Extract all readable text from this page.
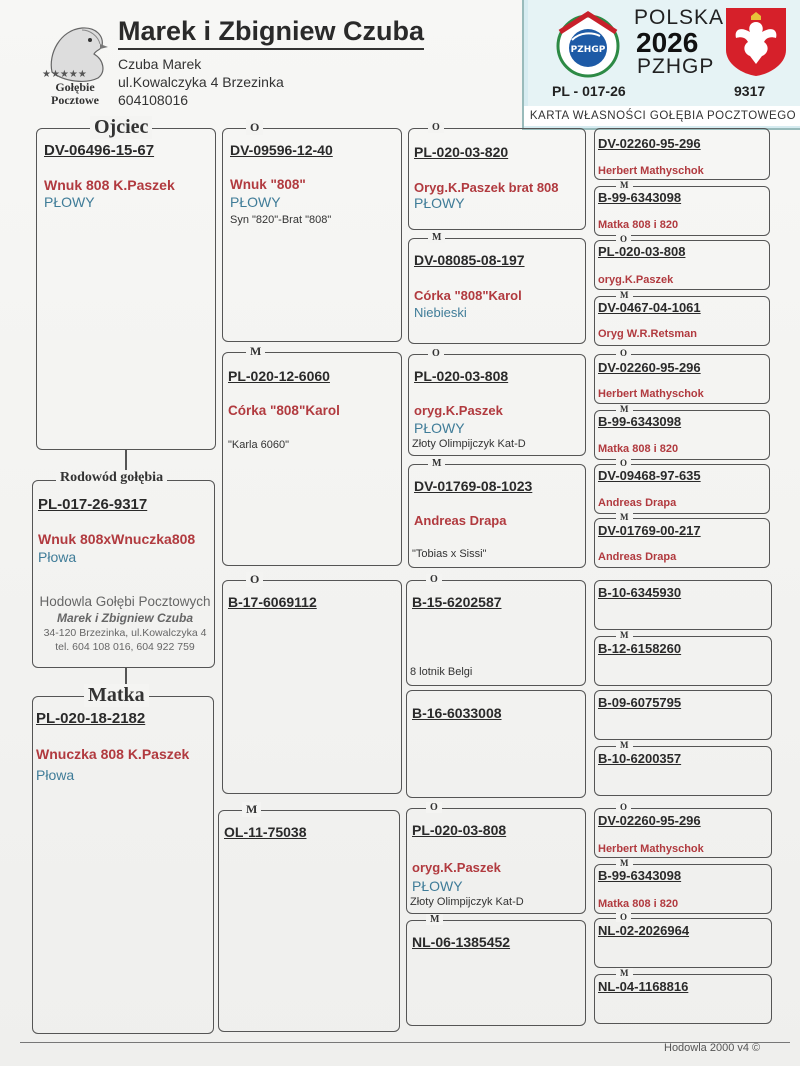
★★★★★
Gołębie
Pocztowe
Marek i Zbigniew Czuba
Czuba Marek
ul.Kowalczyka 4 Brzezinka
604108016
PZHGP
POLSKA
2026
PZHGP
PL - 017-26	9317
KARTA WŁASNOŚCI GOŁĘBIA POCZTOWEGO
Ojciec
DV-06496-15-67
Wnuk 808 K.Paszek
PŁOWY
Rodowód gołębia
PL-017-26-9317
Wnuk 808xWnuczka808
Płowa
Hodowla Gołębi Pocztowych
Marek i Zbigniew Czuba
34-120 Brzezinka, ul.Kowalczyka 4
tel. 604 108 016, 604 922 759
Matka
PL-020-18-2182
Wnuczka 808 K.Paszek
Płowa
O
DV-09596-12-40
Wnuk "808"
PŁOWY
Syn "820"-Brat "808"
M
PL-020-12-6060
Córka "808"Karol
"Karla 6060"
O
B-17-6069112
M
OL-11-75038
O
PL-020-03-820
Oryg.K.Paszek brat 808
PŁOWY
M
DV-08085-08-197
Córka "808"Karol
Niebieski
O
PL-020-03-808
oryg.K.Paszek
PŁOWY
Złoty Olimpijczyk Kat-D
M
DV-01769-08-1023
Andreas Drapa
"Tobias x Sissi"
O
B-15-6202587
8 lotnik Belgi
B-16-6033008
O
PL-020-03-808
oryg.K.Paszek
PŁOWY
Złoty Olimpijczyk Kat-D
M
NL-06-1385452
DV-02260-95-296
Herbert Mathyschok
M
B-99-6343098
Matka 808 i 820
O
PL-020-03-808
oryg.K.Paszek
M
DV-0467-04-1061
Oryg W.R.Retsman
O
DV-02260-95-296
Herbert Mathyschok
M
B-99-6343098
Matka 808 i 820
O
DV-09468-97-635
Andreas Drapa
M
DV-01769-00-217
Andreas Drapa
B-10-6345930
M
B-12-6158260
B-09-6075795
M
B-10-6200357
O
DV-02260-95-296
Herbert Mathyschok
M
B-99-6343098
Matka 808 i 820
O
NL-02-2026964
M
NL-04-1168816
Hodowla 2000 v4 ©
